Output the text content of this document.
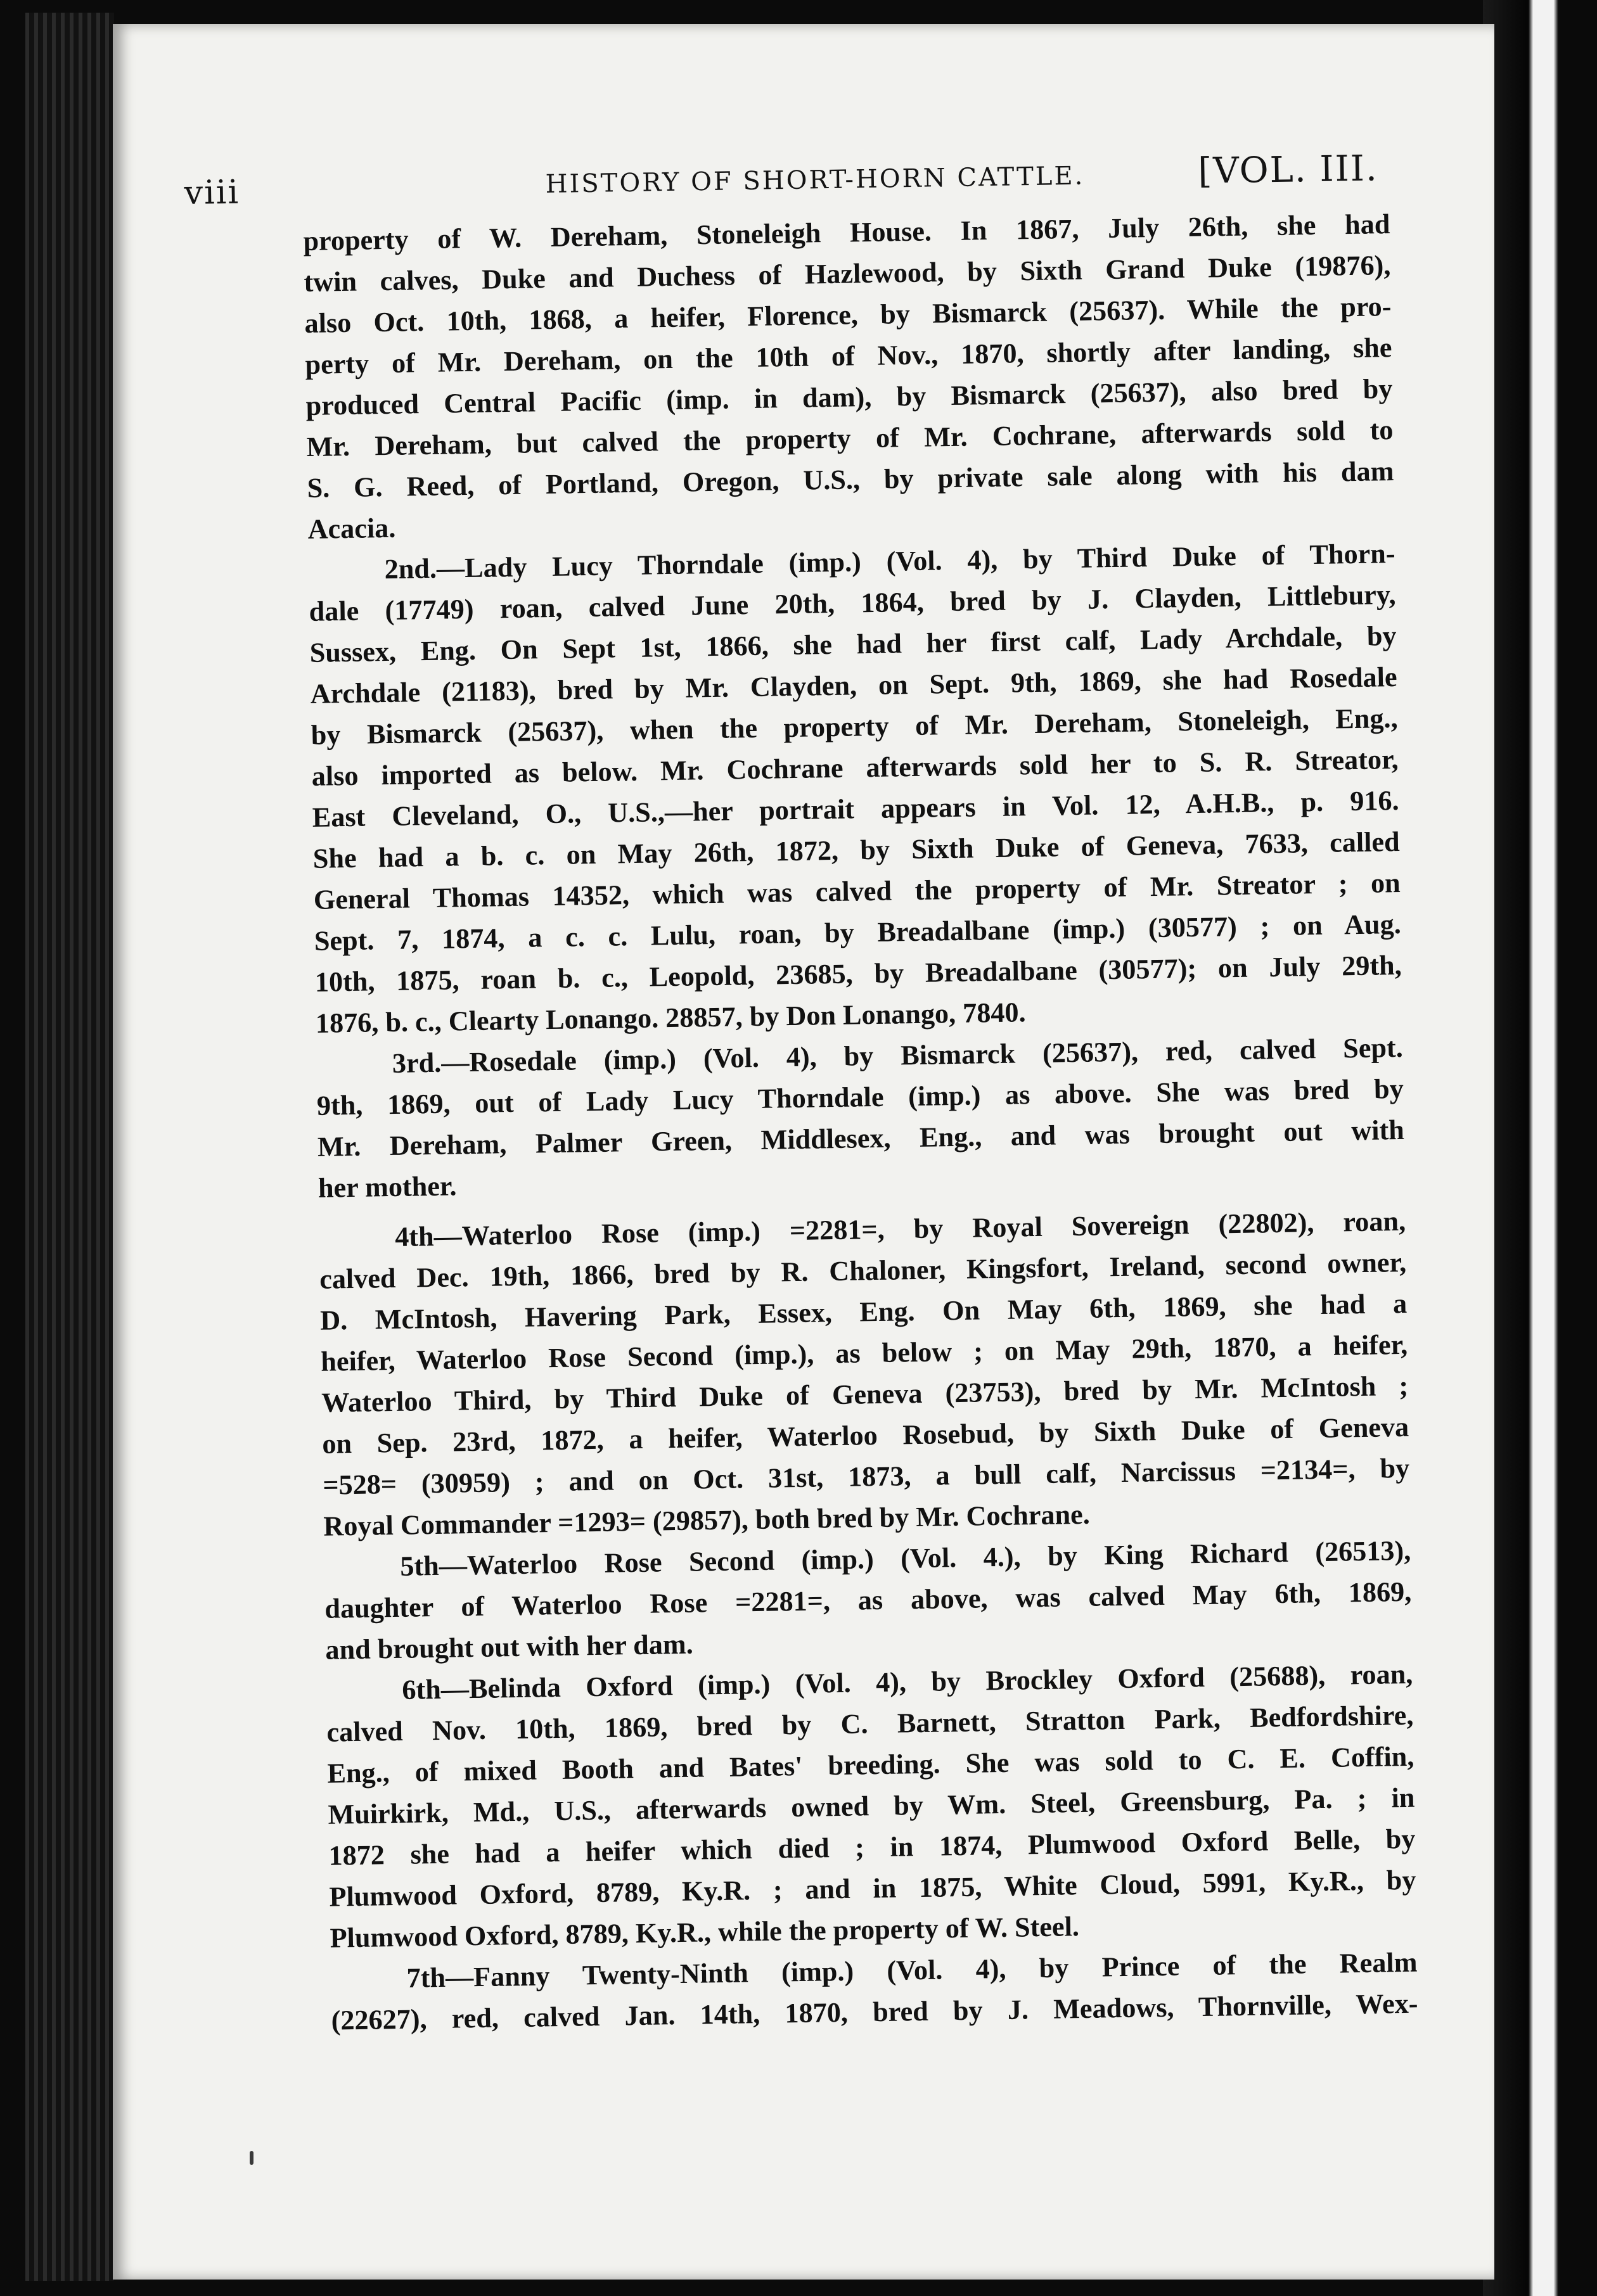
viii	HISTORY OF SHORT-HORN CATTLE.	[VOL. III.
property of W. Dereham, Stoneleigh House. In 1867, July 26th, she had
twin calves, Duke and Duchess of Hazlewood, by Sixth Grand Duke (19876),
also Oct. 10th, 1868, a heifer, Florence, by Bismarck (25637). While the pro-
perty of Mr. Dereham, on the 10th of Nov., 1870, shortly after landing, she
produced Central Pacific (imp. in dam), by Bismarck (25637), also bred by
Mr. Dereham, but calved the property of Mr. Cochrane, afterwards sold to
S. G. Reed, of Portland, Oregon, U.S., by private sale along with his dam
Acacia.
2nd.—Lady Lucy Thorndale (imp.) (Vol. 4), by Third Duke of Thorn-
dale (17749) roan, calved June 20th, 1864, bred by J. Clayden, Littlebury,
Sussex, Eng. On Sept 1st, 1866, she had her first calf, Lady Archdale, by
Archdale (21183), bred by Mr. Clayden, on Sept. 9th, 1869, she had Rosedale
by Bismarck (25637), when the property of Mr. Dereham, Stoneleigh, Eng.,
also imported as below. Mr. Cochrane afterwards sold her to S. R. Streator,
East Cleveland, O., U.S.,—her portrait appears in Vol. 12, A.H.B., p. 916.
She had a b. c. on May 26th, 1872, by Sixth Duke of Geneva, 7633, called
General Thomas 14352, which was calved the property of Mr. Streator ; on
Sept. 7, 1874, a c. c. Lulu, roan, by Breadalbane (imp.) (30577) ; on Aug.
10th, 1875, roan b. c., Leopold, 23685, by Breadalbane (30577); on July 29th,
1876, b. c., Clearty Lonango. 28857, by Don Lonango, 7840.
3rd.—Rosedale (imp.) (Vol. 4), by Bismarck (25637), red, calved Sept.
9th, 1869, out of Lady Lucy Thorndale (imp.) as above. She was bred by
Mr. Dereham, Palmer Green, Middlesex, Eng., and was brought out with
her mother.
4th—Waterloo Rose (imp.) =2281=, by Royal Sovereign (22802), roan,
calved Dec. 19th, 1866, bred by R. Chaloner, Kingsfort, Ireland, second owner,
D. McIntosh, Havering Park, Essex, Eng. On May 6th, 1869, she had a
heifer, Waterloo Rose Second (imp.), as below ; on May 29th, 1870, a heifer,
Waterloo Third, by Third Duke of Geneva (23753), bred by Mr. McIntosh ;
on Sep. 23rd, 1872, a heifer, Waterloo Rosebud, by Sixth Duke of Geneva
=528= (30959) ; and on Oct. 31st, 1873, a bull calf, Narcissus =2134=, by
Royal Commander =1293= (29857), both bred by Mr. Cochrane.
5th—Waterloo Rose Second (imp.) (Vol. 4.), by King Richard (26513),
daughter of Waterloo Rose =2281=, as above, was calved May 6th, 1869,
and brought out with her dam.
6th—Belinda Oxford (imp.) (Vol. 4), by Brockley Oxford (25688), roan,
calved Nov. 10th, 1869, bred by C. Barnett, Stratton Park, Bedfordshire,
Eng., of mixed Booth and Bates' breeding. She was sold to C. E. Coffin,
Muirkirk, Md., U.S., afterwards owned by Wm. Steel, Greensburg, Pa. ; in
1872 she had a heifer which died ; in 1874, Plumwood Oxford Belle, by
Plumwood Oxford, 8789, Ky.R. ; and in 1875, White Cloud, 5991, Ky.R., by
Plumwood Oxford, 8789, Ky.R., while the property of W. Steel.
7th—Fanny Twenty-Ninth (imp.) (Vol. 4), by Prince of the Realm
(22627), red, calved Jan. 14th, 1870, bred by J. Meadows, Thornville, Wex-
